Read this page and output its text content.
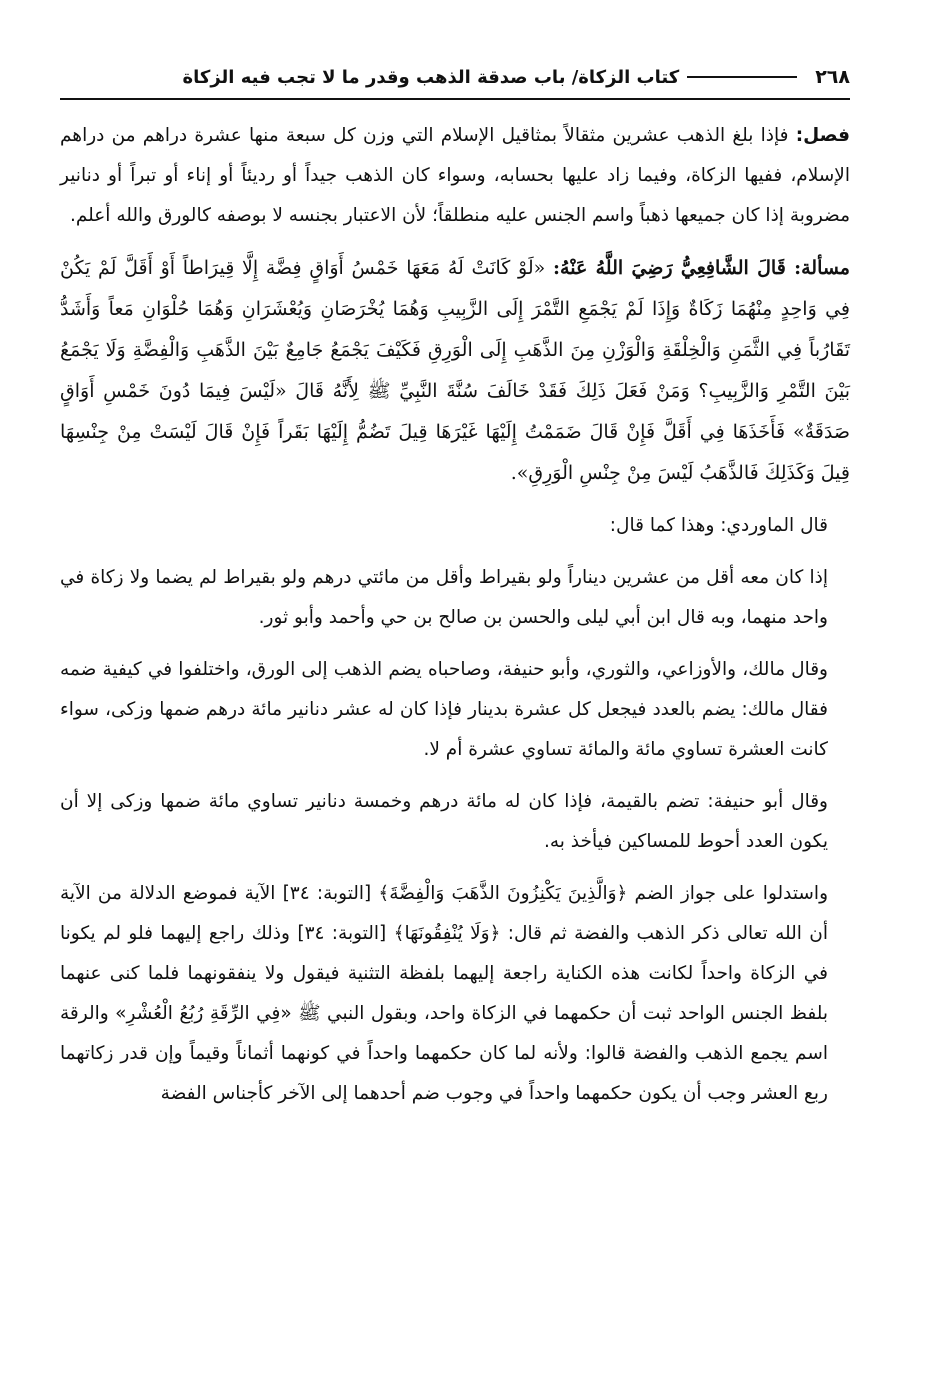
٢٦٨
كتاب الزكاة/ باب صدقة الذهب وقدر ما لا تجب فيه الزكاة

فصل: فإذا بلغ الذهب عشرين مثقالاً بمثاقيل الإسلام التي وزن كل سبعة منها عشرة دراهم من دراهم الإسلام، ففيها الزكاة، وفيما زاد عليها بحسابه، وسواء كان الذهب جيداً أو رديئاً أو إناء أو تبراً أو دنانير مضروبة إذا كان جميعها ذهباً واسم الجنس عليه منطلقاً؛ لأن الاعتبار بجنسه لا بوصفه كالورق والله أعلم.

مسألة: قَالَ الشَّافِعِيُّ رَضِيَ اللَّهُ عَنْهُ: «لَوْ كَانَتْ لَهُ مَعَهَا خَمْسُ أَوَاقٍ فِضَّة إِلَّا قِيرَاطاً أَوْ أَقَلَّ لَمْ يَكُنْ فِي وَاحِدٍ مِنْهُمَا زَكَاةٌ وَإِذَا لَمْ يَجْمَعِ التَّمْرَ إِلَى الزَّبِيبِ وَهُمَا يُخْرَصَانِ وَيُعْشَرَانِ وَهُمَا حُلْوَانِ مَعاً وَأَشَدُّ تَقَارُباً فِي الثَّمَنِ وَالْخِلْقَةِ وَالْوَزْنِ مِنَ الذَّهَبِ إِلَى الْوَرِقِ فَكَيْفَ يَجْمَعُ جَامِعٌ بَيْنَ الذَّهَبِ وَالْفِضَّةِ وَلَا يَجْمَعُ بَيْنَ التَّمْرِ وَالزَّبِيبِ؟ وَمَنْ فَعَلَ ذَلِكَ فَقَدْ خَالَفَ سُنَّةَ النَّبِيِّ ﷺ لِأَنَّهُ قَالَ «لَيْسَ فِيمَا دُونَ خَمْسِ أَوَاقٍ صَدَقَةٌ» فَأَخَذَهَا فِي أَقَلَّ فَإِنْ قَالَ ضَمَمْتُ إِلَيْهَا غَيْرَهَا قِيلَ تَضُمُّ إِلَيْهَا بَقَراً فَإِنْ قَالَ لَيْسَتْ مِنْ جِنْسِهَا قِيلَ وَكَذَلِكَ فَالذَّهَبُ لَيْسَ مِنْ جِنْسِ الْوَرِقِ».

قال الماوردي: وهذا كما قال:

إذا كان معه أقل من عشرين ديناراً ولو بقيراط وأقل من مائتي درهم ولو بقيراط لم يضما ولا زكاة في واحد منهما، وبه قال ابن أبي ليلى والحسن بن صالح بن حي وأحمد وأبو ثور.

وقال مالك، والأوزاعي، والثوري، وأبو حنيفة، وصاحباه يضم الذهب إلى الورق، واختلفوا في كيفية ضمه فقال مالك: يضم بالعدد فيجعل كل عشرة بدينار فإذا كان له عشر دنانير مائة درهم ضمها وزكى، سواء كانت العشرة تساوي مائة والمائة تساوي عشرة أم لا.

وقال أبو حنيفة: تضم بالقيمة، فإذا كان له مائة درهم وخمسة دنانير تساوي مائة ضمها وزكى إلا أن يكون العدد أحوط للمساكين فيأخذ به.

واستدلوا على جواز الضم ﴿وَالَّذِينَ يَكْنِزُونَ الذَّهَبَ وَالْفِضَّةَ﴾ [التوبة: ٣٤] الآية فموضع الدلالة من الآية أن الله تعالى ذكر الذهب والفضة ثم قال: ﴿وَلَا يُنْفِقُونَهَا﴾ [التوبة: ٣٤] وذلك راجع إليهما فلو لم يكونا في الزكاة واحداً لكانت هذه الكناية راجعة إليهما بلفظة التثنية فيقول ولا ينفقونهما فلما كنى عنهما بلفظ الجنس الواحد ثبت أن حكمهما في الزكاة واحد، وبقول النبي ﷺ «فِي الرِّقَةِ رُبُعُ الْعُشْرِ» والرقة اسم يجمع الذهب والفضة قالوا: ولأنه لما كان حكمهما واحداً في كونهما أثماناً وقيماً وإن قدر زكاتهما ربع العشر وجب أن يكون حكمهما واحداً في وجوب ضم أحدهما إلى الآخر كأجناس الفضة
